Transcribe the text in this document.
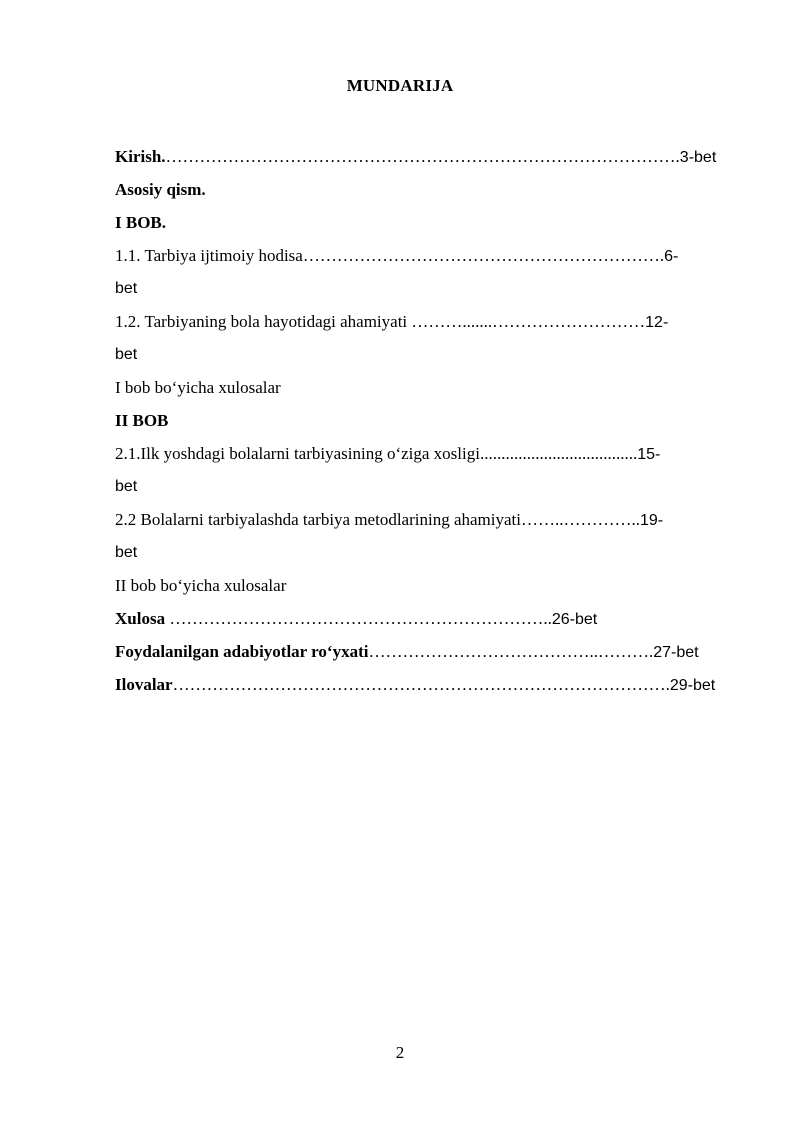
MUNDARIJA
Kirish.……………………………………………………………………………….3-bet
Asosiy qism.
I BOB.
1.1. Tarbiya ijtimoiy hodisa……………………………………………………….6-
bet
1.2. Tarbiyaning bola hayotidagi ahamiyati ……….......………………………12-
bet
I bob bo‘yicha xulosalar
II BOB
2.1.Ilk yoshdagi bolalarni tarbiyasining o‘ziga xosligi.....................................15-
bet
2.2 Bolalarni tarbiyalashda tarbiya metodlarining ahamiyati……..…………..19-
bet
II bob bo‘yicha xulosalar
Xulosa …………………………………………………………..26-bet
Foydalanilgan adabiyotlar ro‘yxati…………………………………..……….27-bet
Ilovalar…………………………………………………………………………….29-bet
2
